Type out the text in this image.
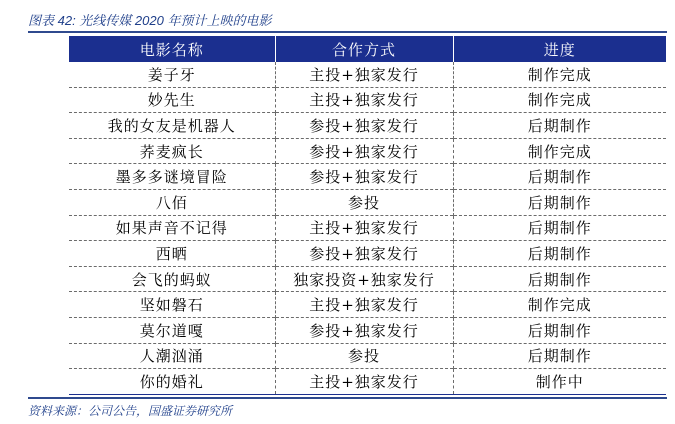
图表 42: 光线传媒 2020 年预计上映的电影
电影名称	合作方式	进度
姜子牙	主投+独家发行	制作完成
妙先生	主投+独家发行	制作完成
我的女友是机器人	参投+独家发行	后期制作
荞麦疯长	参投+独家发行	制作完成
墨多多谜境冒险	参投+独家发行	后期制作
八佰	参投	后期制作
如果声音不记得	主投+独家发行	后期制作
西晒	参投+独家发行	后期制作
会飞的蚂蚁	独家投资+独家发行	后期制作
坚如磐石	主投+独家发行	制作完成
莫尔道嘎	参投+独家发行	后期制作
人潮汹涌	参投	后期制作
你的婚礼	主投+独家发行	制作中
资料来源：公司公告，国盛证券研究所
